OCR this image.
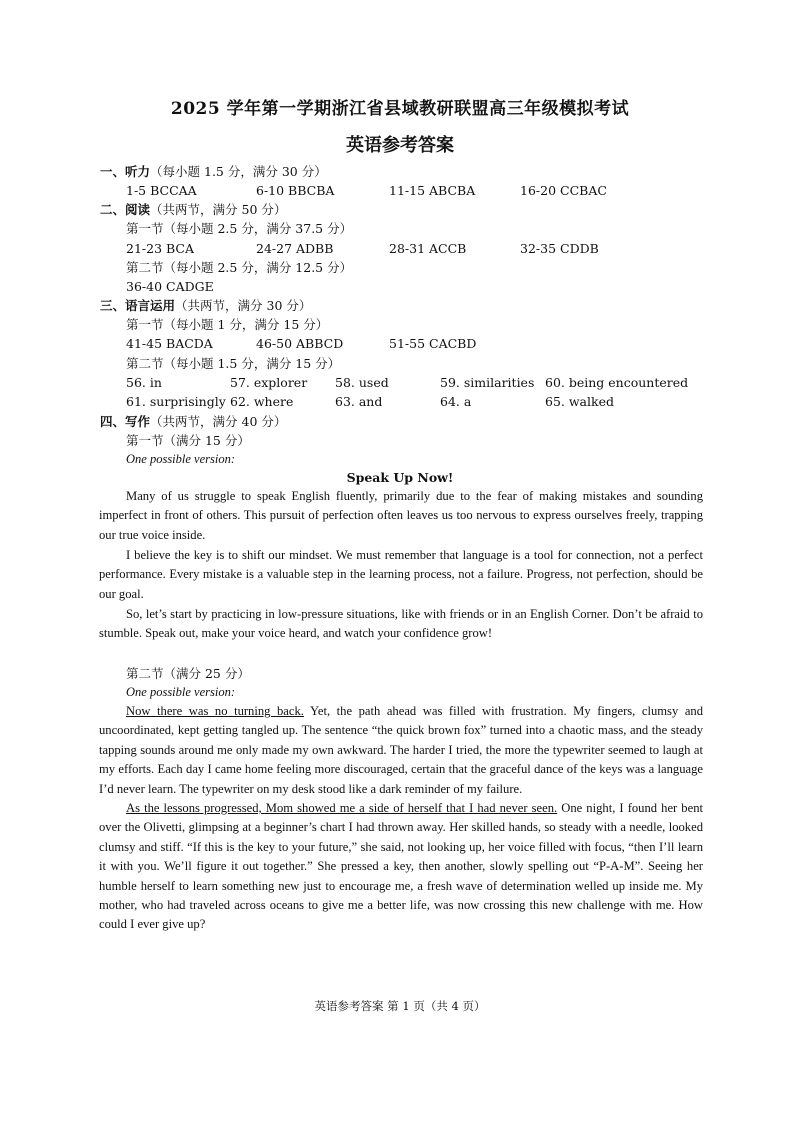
2025 学年第一学期浙江省县域教研联盟高三年级模拟考试
英语参考答案
一、听力（每小题 1.5 分，满分 30 分）
1-5 BCCAA	6-10 BBCBA	11-15 ABCBA	16-20 CCBAC
二、阅读（共两节，满分 50 分）
第一节（每小题 2.5 分，满分 37.5 分）
21-23 BCA	24-27 ADBB	28-31 ACCB	32-35 CDDB
第二节（每小题 2.5 分，满分 12.5 分）
36-40 CADGE
三、语言运用（共两节，满分 30 分）
第一节（每小题 1 分，满分 15 分）
41-45 BACDA	46-50 ABBCD	51-55 CACBD
第二节（每小题 1.5 分，满分 15 分）
56. in	57. explorer 58. used	59. similarities 60. being encountered
61. surprisingly 62. where	63. and	64. a	65. walked
四、写作（共两节，满分 40 分）
第一节（满分 15 分）
One possible version:
Speak Up Now!

Many of us struggle to speak English fluently, primarily due to the fear of making mistakes and sounding imperfect in front of others. This pursuit of perfection often leaves us too nervous to express ourselves freely, trapping our true voice inside.

I believe the key is to shift our mindset. We must remember that language is a tool for connection, not a perfect performance. Every mistake is a valuable step in the learning process, not a failure. Progress, not perfection, should be our goal.

So, let’s start by practicing in low-pressure situations, like with friends or in an English Corner. Don’t be afraid to stumble. Speak out, make your voice heard, and watch your confidence grow!

第二节（满分 25 分）
One possible version:

Now there was no turning back. Yet, the path ahead was filled with frustration. My fingers, clumsy and uncoordinated, kept getting tangled up. The sentence “the quick brown fox” turned into a chaotic mass, and the steady tapping sounds around me only made my own awkward. The harder I tried, the more the typewriter seemed to laugh at my efforts. Each day I came home feeling more discouraged, certain that the graceful dance of the keys was a language I’d never learn. The typewriter on my desk stood like a dark reminder of my failure.

As the lessons progressed, Mom showed me a side of herself that I had never seen. One night, I found her bent over the Olivetti, glimpsing at a beginner’s chart I had thrown away. Her skilled hands, so steady with a needle, looked clumsy and stiff. “If this is the key to your future,” she said, not looking up, her voice filled with focus, “then I’ll learn it with you. We’ll figure it out together.” She pressed a key, then another, slowly spelling out “P-A-M”. Seeing her humble herself to learn something new just to encourage me, a fresh wave of determination welled up inside me. My mother, who had traveled across oceans to give me a better life, was now crossing this new challenge with me. How could I ever give up?

英语参考答案 第 1 页（共 4 页）
